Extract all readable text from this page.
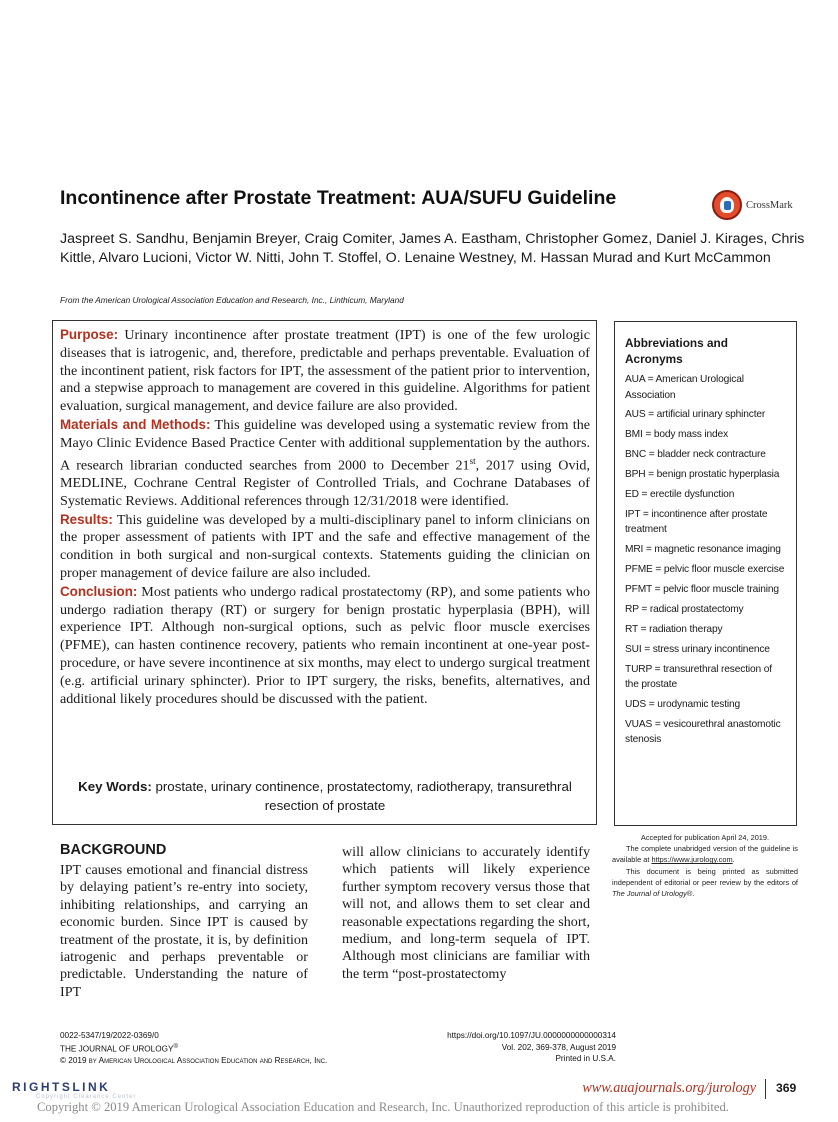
Incontinence after Prostate Treatment: AUA/SUFU Guideline	CrossMark
Jaspreet S. Sandhu, Benjamin Breyer, Craig Comiter, James A. Eastham, Christopher Gomez, Daniel J. Kirages, Chris Kittle, Alvaro Lucioni, Victor W. Nitti, John T. Stoffel, O. Lenaine Westney, M. Hassan Murad and Kurt McCammon
From the American Urological Association Education and Research, Inc., Linthicum, Maryland

Purpose: Urinary incontinence after prostate treatment (IPT) is one of the few urologic diseases that is iatrogenic, and, therefore, predictable and perhaps preventable. Evaluation of the incontinent patient, risk factors for IPT, the assessment of the patient prior to intervention, and a stepwise approach to management are covered in this guideline. Algorithms for patient evaluation, surgical management, and device failure are also provided.

Materials and Methods: This guideline was developed using a systematic review from the Mayo Clinic Evidence Based Practice Center with additional supplementation by the authors. A research librarian conducted searches from 2000 to December 21st, 2017 using Ovid, MEDLINE, Cochrane Central Register of Controlled Trials, and Cochrane Databases of Systematic Reviews. Additional references through 12/31/2018 were identified.

Results: This guideline was developed by a multi-disciplinary panel to inform clinicians on the proper assessment of patients with IPT and the safe and effective management of the condition in both surgical and non-surgical contexts. Statements guiding the clinician on proper management of device failure are also included.

Conclusion: Most patients who undergo radical prostatectomy (RP), and some patients who undergo radiation therapy (RT) or surgery for benign prostatic hyperplasia (BPH), will experience IPT. Although non-surgical options, such as pelvic floor muscle exercises (PFME), can hasten continence recovery, patients who remain incontinent at one-year post-procedure, or have severe incontinence at six months, may elect to undergo surgical treatment (e.g. artificial urinary sphincter). Prior to IPT surgery, the risks, benefits, alternatives, and additional likely procedures should be discussed with the patient.

Key Words: prostate, urinary continence, prostatectomy, radiotherapy, transurethral resection of prostate
Abbreviations and Acronyms
AUA = American Urological Association
AUS = artificial urinary sphincter
BMI = body mass index
BNC = bladder neck contracture
BPH = benign prostatic hyperplasia
ED = erectile dysfunction
IPT = incontinence after prostate treatment
MRI = magnetic resonance imaging
PFME = pelvic floor muscle exercise
PFMT = pelvic floor muscle training
RP = radical prostatectomy
RT = radiation therapy
SUI = stress urinary incontinence
TURP = transurethral resection of the prostate
UDS = urodynamic testing
VUAS = vesicourethral anastomotic stenosis

Accepted for publication April 24, 2019.

The complete unabridged version of the guideline is available at https://www.jurology.com.

This document is being printed as submitted independent of editorial or peer review by the editors of The Journal of Urology®.

BACKGROUND
IPT causes emotional and financial distress by delaying patient’s re-entry into society, inhibiting relationships, and carrying an economic burden. Since IPT is caused by treatment of the prostate, it is, by definition iatrogenic and perhaps preventable or predictable. Understanding the nature of IPT
will allow clinicians to accurately identify which patients will likely experience further symptom recovery versus those that will not, and allows them to set clear and reasonable expectations regarding the short, medium, and long-term sequela of IPT. Although most clinicians are familiar with the term “post-prostatectomy
0022-5347/19/2022-0369/0
THE JOURNAL OF UROLOGY®
© 2019 by American Urological Association Education and Research, Inc.
https://doi.org/10.1097/JU.0000000000000314
Vol. 202, 369-378, August 2019
Printed in U.S.A.
RIGHTSLINK
Copyright Clearance Center
www.auajournals.org/jurology 369
Copyright © 2019 American Urological Association Education and Research, Inc. Unauthorized reproduction of this article is prohibited.
